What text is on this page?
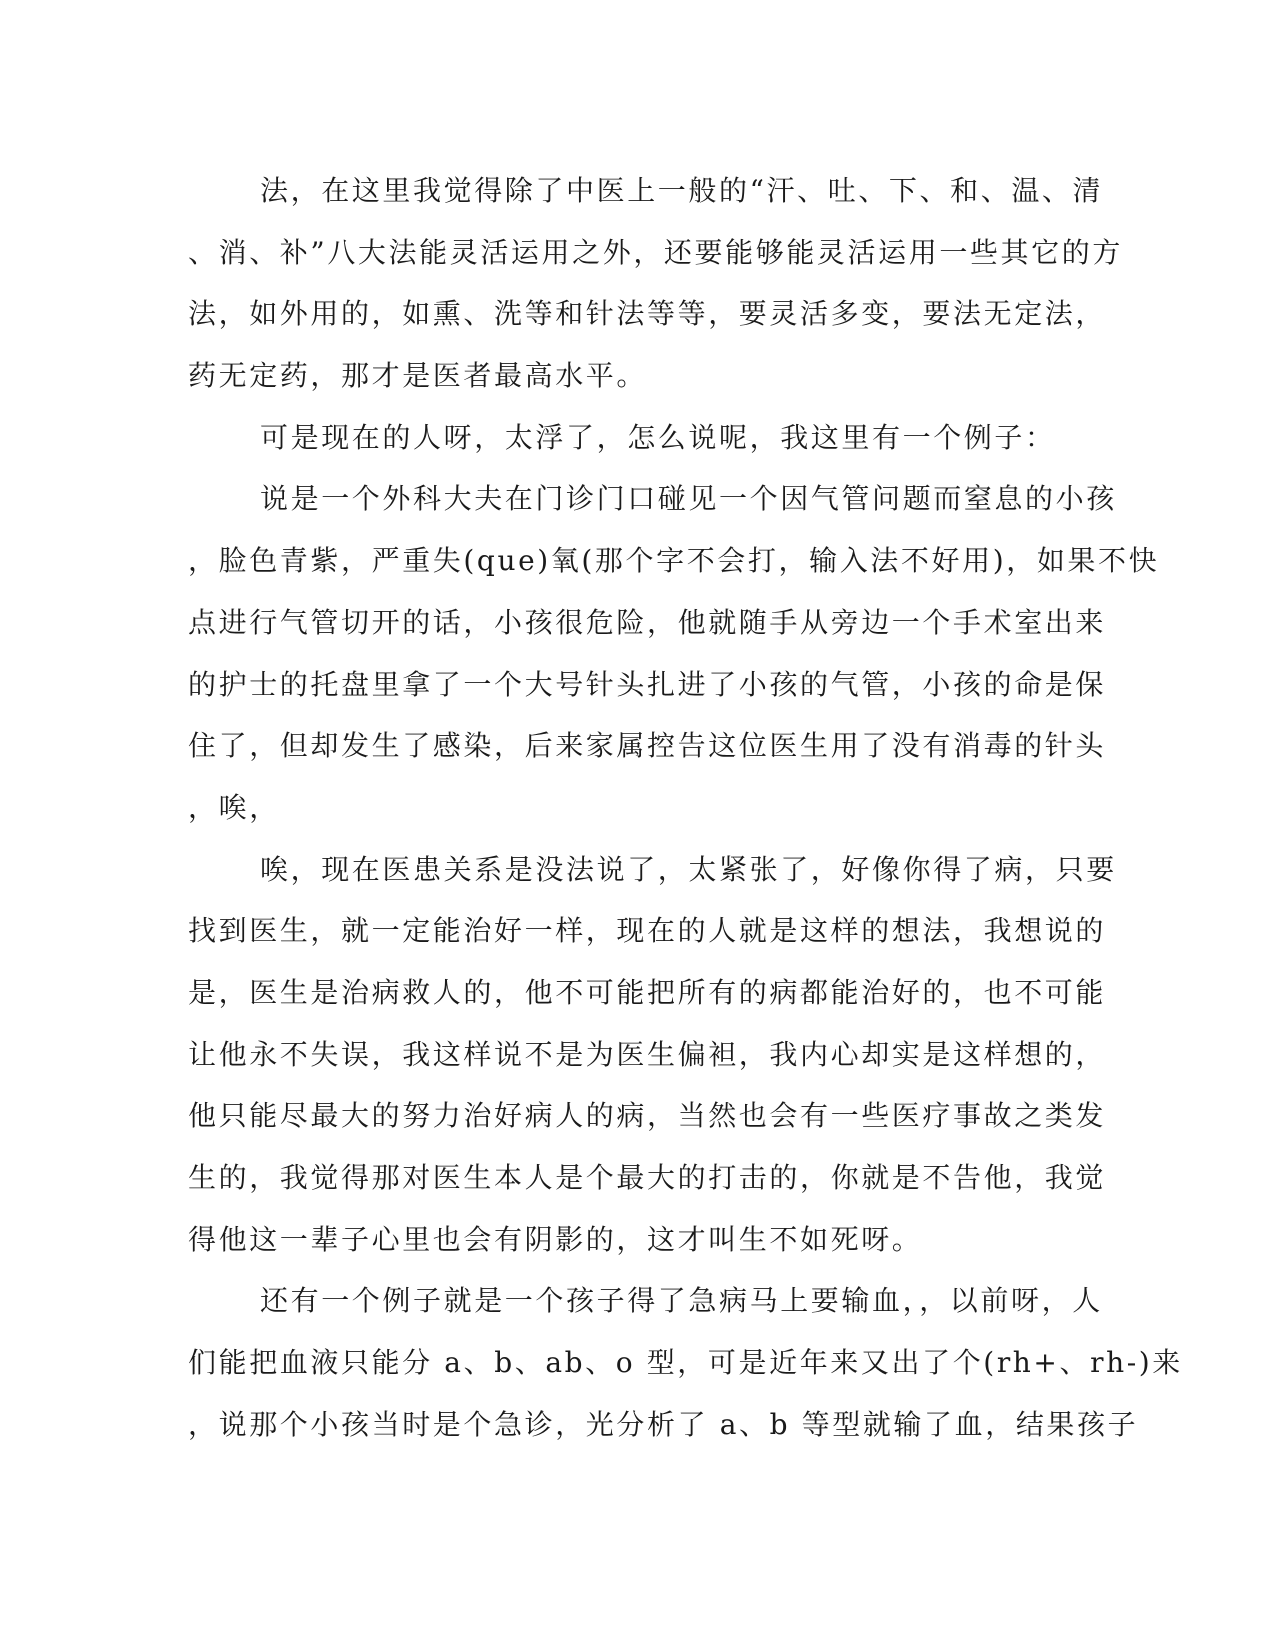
法，在这里我觉得除了中医上一般的“汗、吐、下、和、温、清
、消、补”八大法能灵活运用之外，还要能够能灵活运用一些其它的方
法，如外用的，如熏、洗等和针法等等，要灵活多变，要法无定法，
药无定药，那才是医者最高水平。
可是现在的人呀，太浮了，怎么说呢，我这里有一个例子：
说是一个外科大夫在门诊门口碰见一个因气管问题而窒息的小孩
，脸色青紫，严重失(que)氧(那个字不会打，输入法不好用)，如果不快
点进行气管切开的话，小孩很危险，他就随手从旁边一个手术室出来
的护士的托盘里拿了一个大号针头扎进了小孩的气管，小孩的命是保
住了，但却发生了感染，后来家属控告这位医生用了没有消毒的针头
，唉，
唉，现在医患关系是没法说了，太紧张了，好像你得了病，只要
找到医生，就一定能治好一样，现在的人就是这样的想法，我想说的
是，医生是治病救人的，他不可能把所有的病都能治好的，也不可能
让他永不失误，我这样说不是为医生偏袒，我内心却实是这样想的，
他只能尽最大的努力治好病人的病，当然也会有一些医疗事故之类发
生的，我觉得那对医生本人是个最大的打击的，你就是不告他，我觉
得他这一辈子心里也会有阴影的，这才叫生不如死呀。
还有一个例子就是一个孩子得了急病马上要输血，，以前呀，人
们能把血液只能分 a、b、ab、o 型，可是近年来又出了个(rh+、rh-)来
，说那个小孩当时是个急诊，光分析了 a、b 等型就输了血，结果孩子
